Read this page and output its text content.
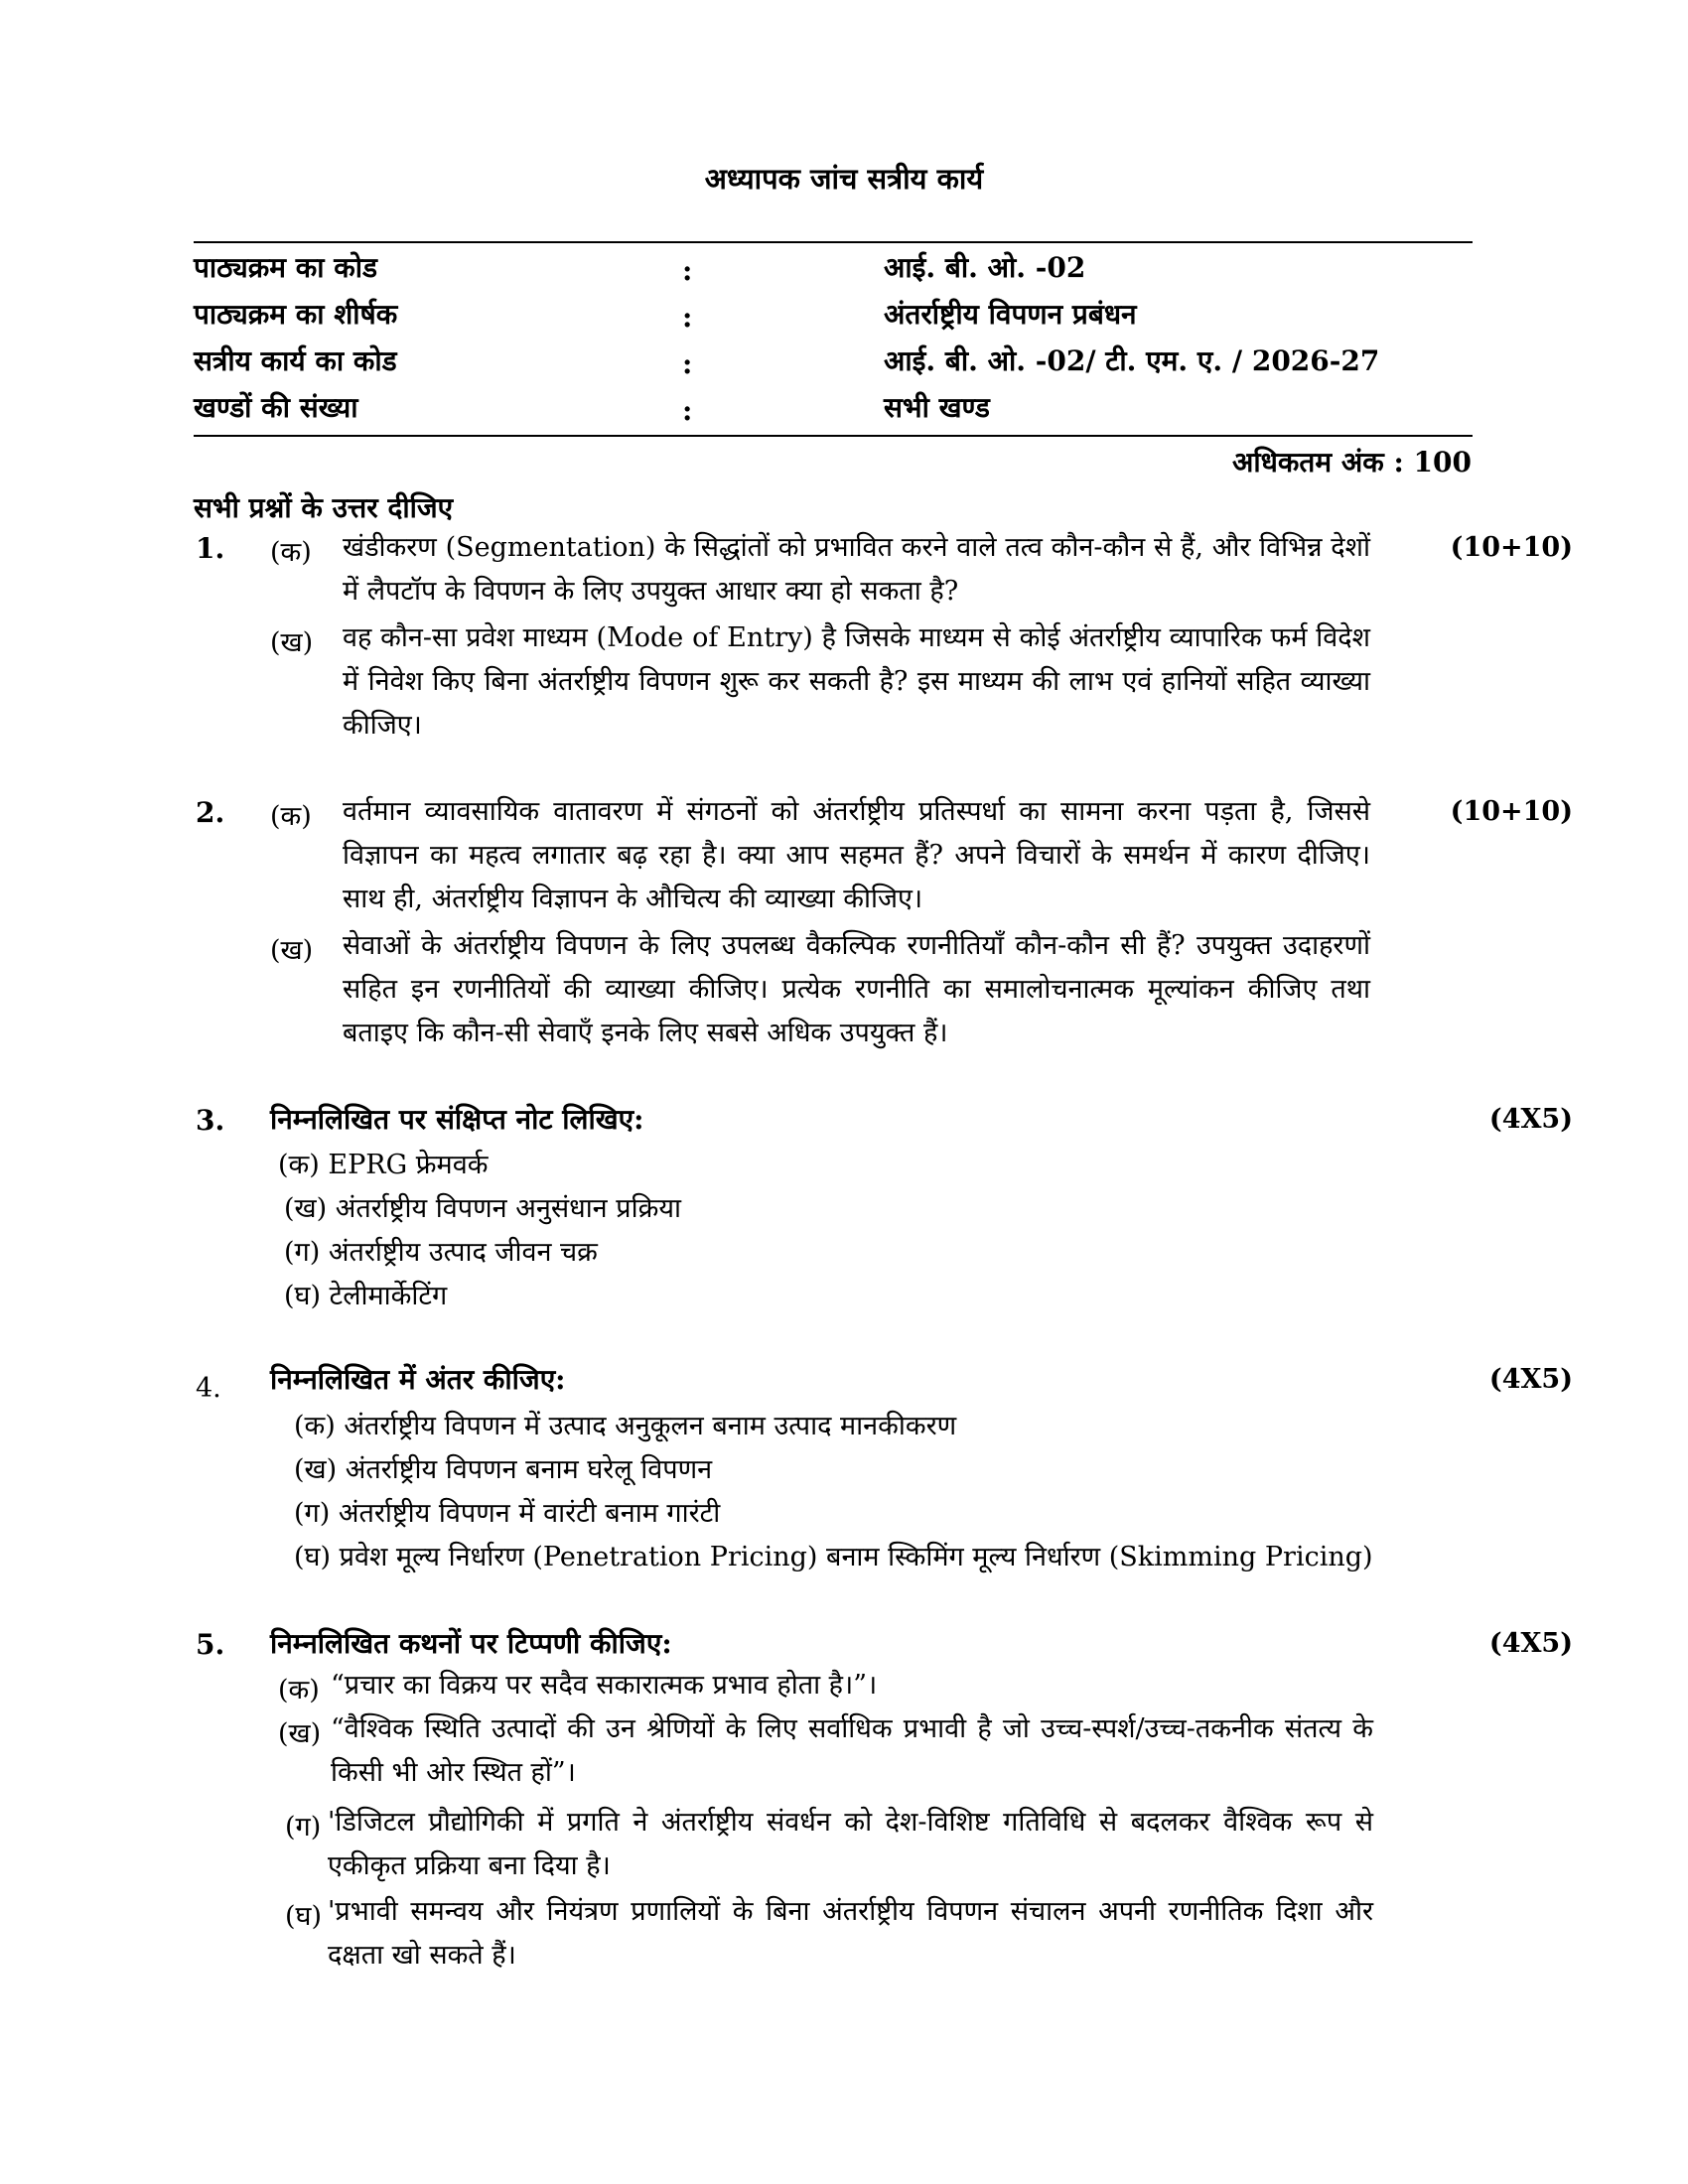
अध्यापक जांच सत्रीय कार्य
पाठ्यक्रम का कोड	:	आई. बी. ओ. -02
पाठ्यक्रम का शीर्षक	:	अंतर्राष्ट्रीय विपणन प्रबंधन
सत्रीय कार्य का कोड	:	आई. बी. ओ. -02/ टी. एम. ए. / 2026-27
खण्डों की संख्या	:	सभी खण्ड
अधिकतम अंक : 100
सभी प्रश्नों के उत्तर दीजिए
1.	(10+10)
(क) खंडीकरण (Segmentation) के सिद्धांतों को प्रभावित करने वाले तत्व कौन-कौन से हैं, और विभिन्न देशों में लैपटॉप के विपणन के लिए उपयुक्त आधार क्या हो सकता है?
(ख) वह कौन-सा प्रवेश माध्यम (Mode of Entry) है जिसके माध्यम से कोई अंतर्राष्ट्रीय व्यापारिक फर्म विदेश में निवेश किए बिना अंतर्राष्ट्रीय विपणन शुरू कर सकती है? इस माध्यम की लाभ एवं हानियों सहित व्याख्या कीजिए।
2.	(10+10)
(क) वर्तमान व्यावसायिक वातावरण में संगठनों को अंतर्राष्ट्रीय प्रतिस्पर्धा का सामना करना पड़ता है, जिससे विज्ञापन का महत्व लगातार बढ़ रहा है। क्या आप सहमत हैं? अपने विचारों के समर्थन में कारण दीजिए। साथ ही, अंतर्राष्ट्रीय विज्ञापन के औचित्य की व्याख्या कीजिए।
(ख) सेवाओं के अंतर्राष्ट्रीय विपणन के लिए उपलब्ध वैकल्पिक रणनीतियाँ कौन-कौन सी हैं? उपयुक्त उदाहरणों सहित इन रणनीतियों की व्याख्या कीजिए। प्रत्येक रणनीति का समालोचनात्मक मूल्यांकन कीजिए तथा बताइए कि कौन-सी सेवाएँ इनके लिए सबसे अधिक उपयुक्त हैं।
3.	(4X5)
निम्नलिखित पर संक्षिप्त नोट लिखिए:
(क) EPRG फ्रेमवर्क
(ख) अंतर्राष्ट्रीय विपणन अनुसंधान प्रक्रिया
(ग) अंतर्राष्ट्रीय उत्पाद जीवन चक्र
(घ) टेलीमार्केटिंग
4.	(4X5)
निम्नलिखित में अंतर कीजिए:
(क) अंतर्राष्ट्रीय विपणन में उत्पाद अनुकूलन बनाम उत्पाद मानकीकरण
(ख) अंतर्राष्ट्रीय विपणन बनाम घरेलू विपणन
(ग) अंतर्राष्ट्रीय विपणन में वारंटी बनाम गारंटी
(घ) प्रवेश मूल्य निर्धारण (Penetration Pricing) बनाम स्किमिंग मूल्य निर्धारण (Skimming Pricing)
5.	(4X5)
निम्नलिखित कथनों पर टिप्पणी कीजिए:
(क) “प्रचार का विक्रय पर सदैव सकारात्मक प्रभाव होता है।”।
(ख) “वैश्विक स्थिति उत्पादों की उन श्रेणियों के लिए सर्वाधिक प्रभावी है जो उच्च-स्पर्श/उच्च-तकनीक संतत्य के किसी भी ओर स्थित हों”।
(ग) 'डिजिटल प्रौद्योगिकी में प्रगति ने अंतर्राष्ट्रीय संवर्धन को देश-विशिष्ट गतिविधि से बदलकर वैश्विक रूप से एकीकृत प्रक्रिया बना दिया है।
(घ) 'प्रभावी समन्वय और नियंत्रण प्रणालियों के बिना अंतर्राष्ट्रीय विपणन संचालन अपनी रणनीतिक दिशा और दक्षता खो सकते हैं।
